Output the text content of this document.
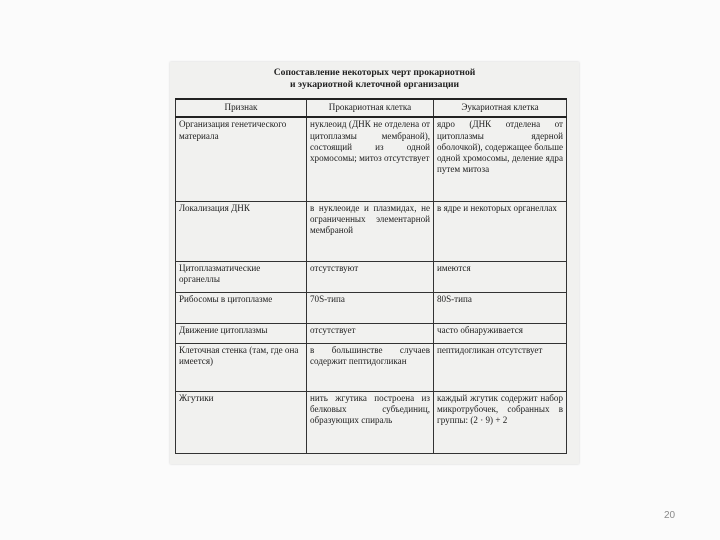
Сопоставление некоторых черт прокариотной
и эукариотной клеточной организации
Признак	Прокариотная клетка	Эукариотная клетка
Организация генетического материала	нуклеоид (ДНК не отделена от цитоплазмы мембраной), состоящий из одной хромосомы; митоз отсутствует	ядро (ДНК отделена от цитоплазмы ядерной оболочкой), содержащее больше одной хромосомы, деление ядра путем митоза
Локализация ДНК	в нуклеоиде и плазмидах, не ограниченных элементарной мембраной	в ядре и некоторых органеллах
Цитоплазматические органеллы	отсутствуют	имеются
Рибосомы в цитоплазме	70S-типа	80S-типа
Движение цитоплазмы	отсутствует	часто обнаруживается
Клеточная стенка (там, где она имеется)	в большинстве случаев содержит пептидогликан	пептидогликан отсутствует
Жгутики	нить жгутика построена из белковых субъединиц, образующих спираль	каждый жгутик содержит набор микротрубочек, собранных в группы: (2 · 9) + 2
20
